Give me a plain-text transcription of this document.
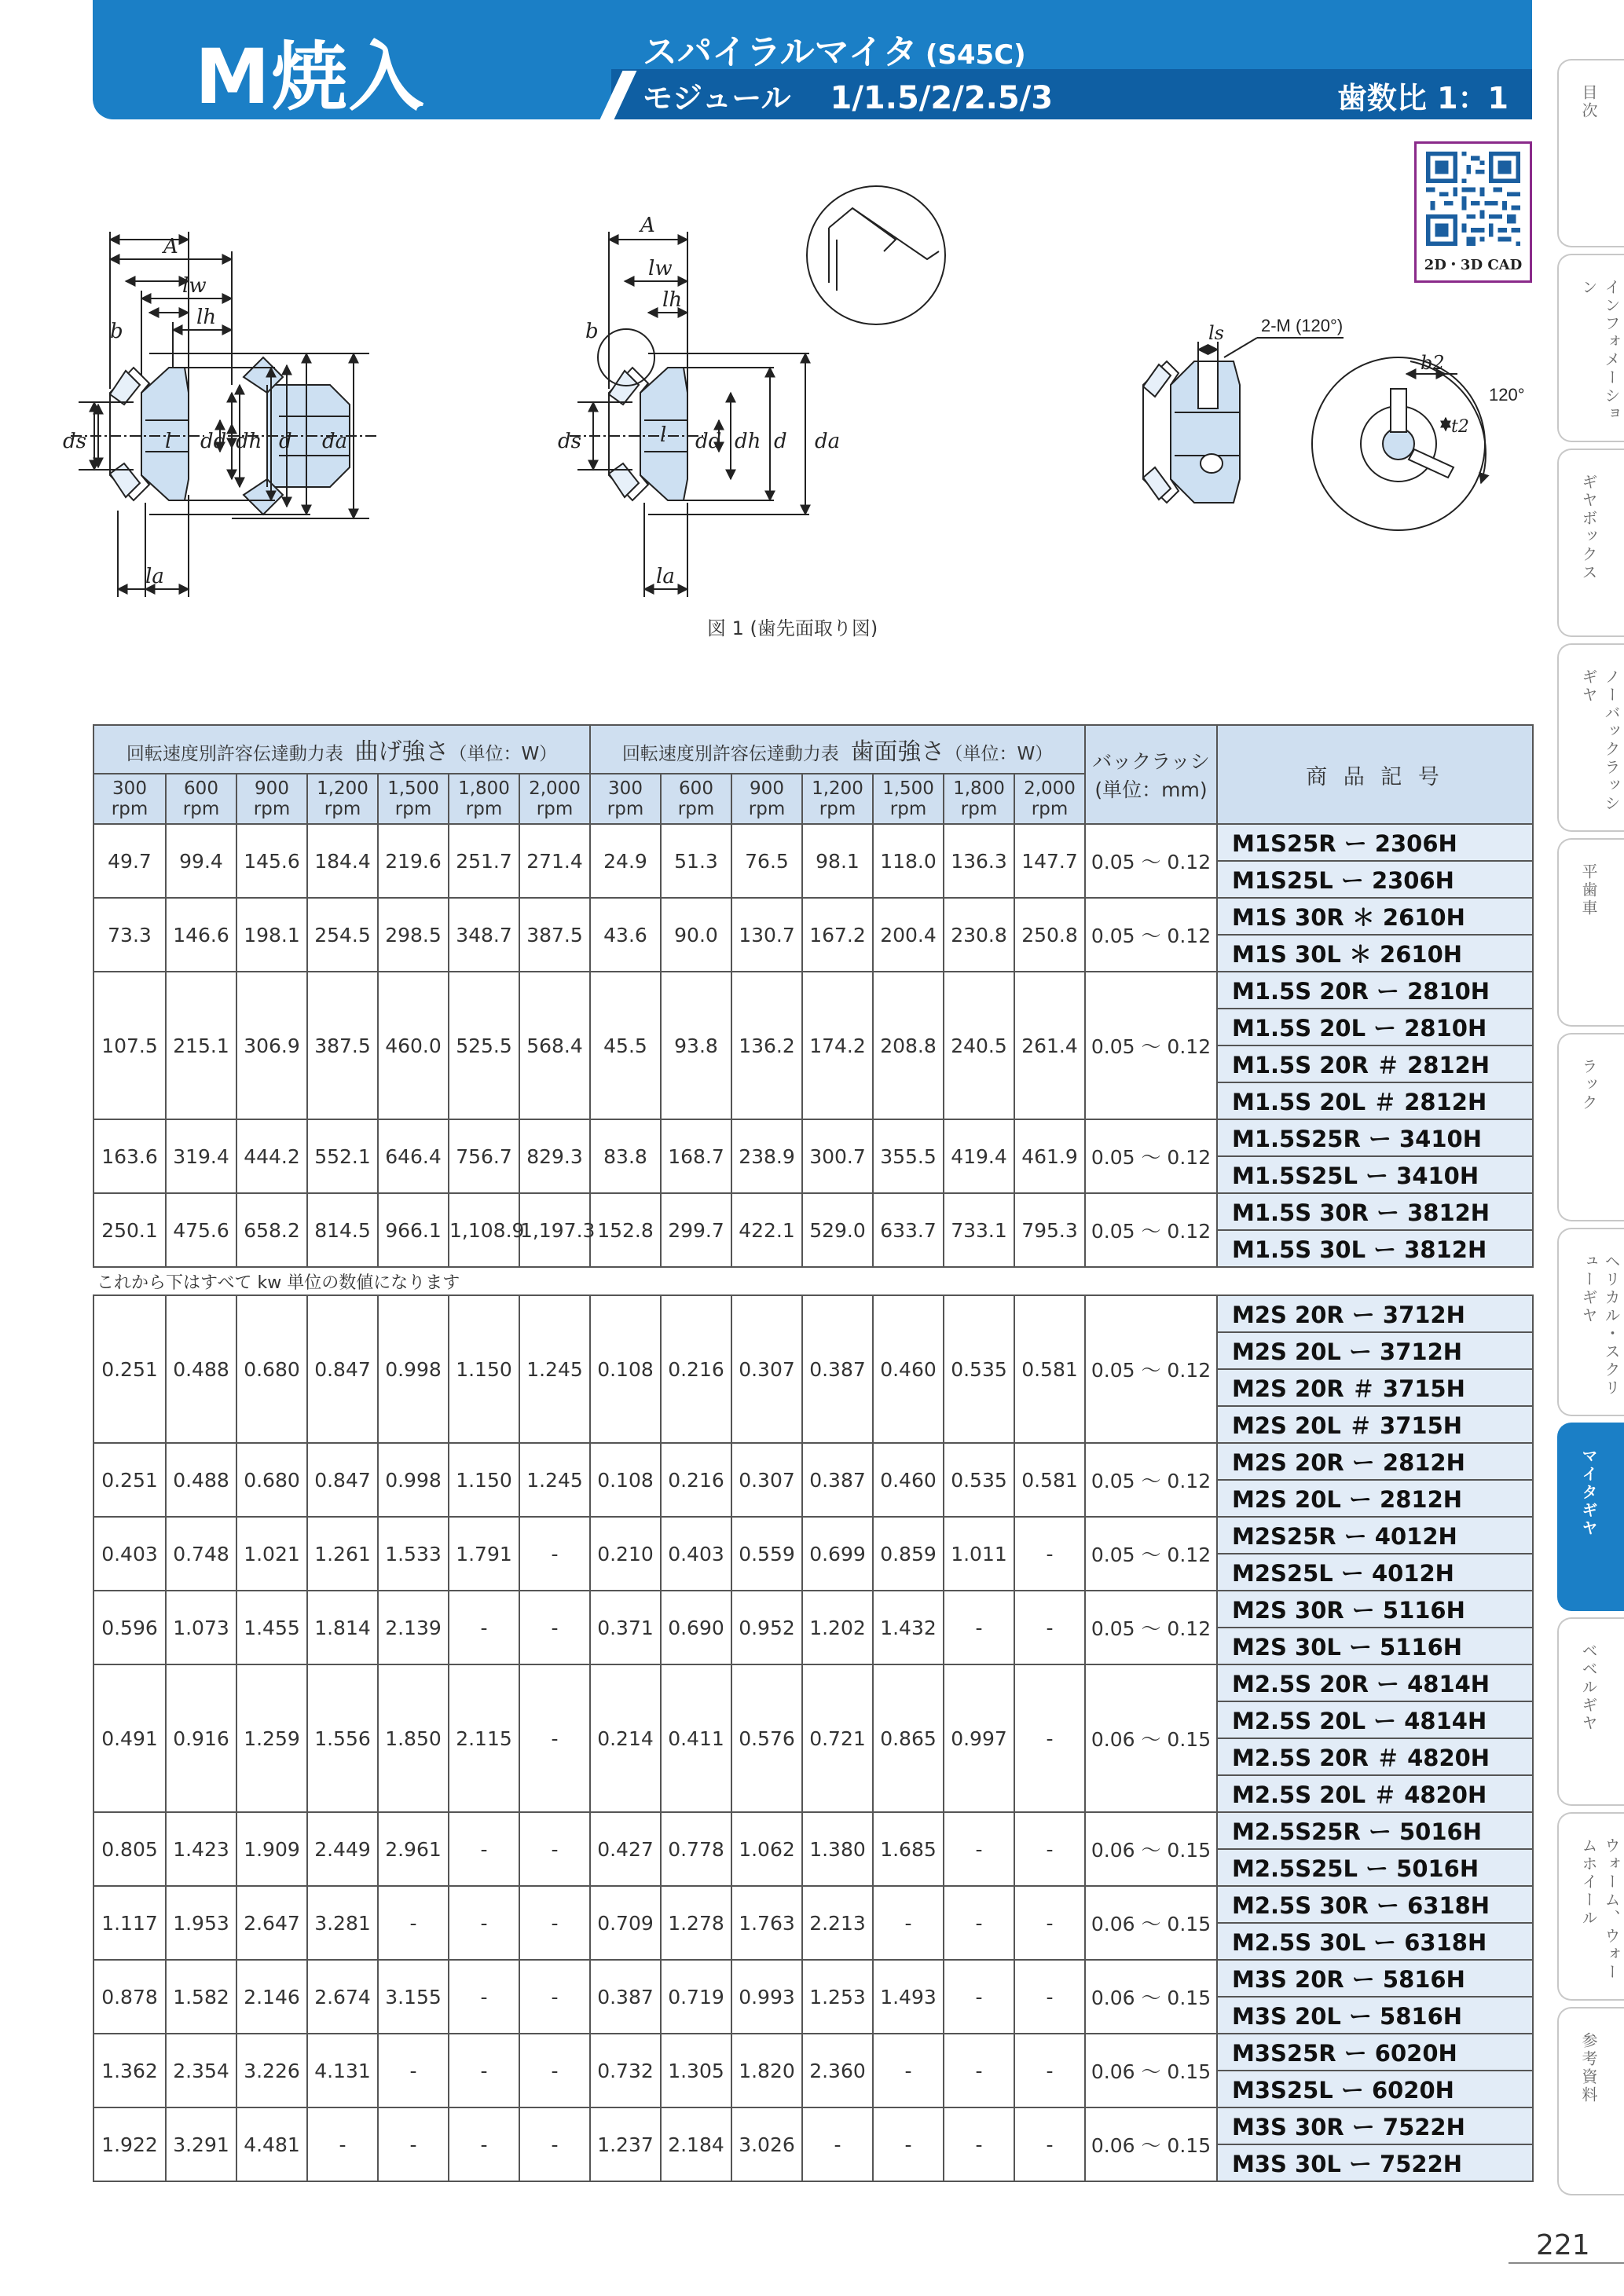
M焼入	スパイラルマイタ (S45C)
モジュール 1/1.5/2/2.5/3	歯数比 1：1	目次
インフォメーション
ギヤボックス
ノーバックラッシギヤ
平歯車
ラック
ヘリカル・スクリューギヤ
マイタギヤ
ベベルギヤ
ウォーム、ウォームホイール
参考資料
2D・3D CAD
A
lw
lh
b
ds	l dd dh d da
la
A
lw
lh
b
ds	l dd dh d da
la
ls 2-M (120°)
b2
t2
120°
図 1 (歯先面取り図)
回転速度別許容伝達動力表 曲げ強さ（単位：W）							回転速度別許容伝達動力表 歯面強さ（単位：W）							バックラッシ
(単位：mm)	商 品 記 号
300
rpm	600
rpm	900
rpm	1,200
rpm	1,500
rpm	1,800
rpm	2,000
rpm	300
rpm	600
rpm	900
rpm	1,200
rpm	1,500
rpm	1,800
rpm	2,000
rpm		
49.7	99.4	145.6	184.4	219.6	251.7	271.4	24.9	51.3	76.5	98.1	118.0	136.3	147.7	0.05 ～ 0.12	M1S25R ー 2306H
															M1S25L ー 2306H
73.3	146.6	198.1	254.5	298.5	348.7	387.5	43.6	90.0	130.7	167.2	200.4	230.8	250.8	0.05 ～ 0.12	M1S 30R ＊ 2610H
															M1S 30L ＊ 2610H
107.5	215.1	306.9	387.5	460.0	525.5	568.4	45.5	93.8	136.2	174.2	208.8	240.5	261.4	0.05 ～ 0.12	M1.5S 20R ー 2810H
															M1.5S 20L ー 2810H
															M1.5S 20R ＃ 2812H
															M1.5S 20L ＃ 2812H
163.6	319.4	444.2	552.1	646.4	756.7	829.3	83.8	168.7	238.9	300.7	355.5	419.4	461.9	0.05 ～ 0.12	M1.5S25R ー 3410H
															M1.5S25L ー 3410H
250.1	475.6	658.2	814.5	966.1	1,108.9	1,197.3	152.8	299.7	422.1	529.0	633.7	733.1	795.3	0.05 ～ 0.12	M1.5S 30R ー 3812H
															M1.5S 30L ー 3812H
これから下はすべて kw 単位の数値になります															
0.251	0.488	0.680	0.847	0.998	1.150	1.245	0.108	0.216	0.307	0.387	0.460	0.535	0.581	0.05 ～ 0.12	M2S 20R ー 3712H
															M2S 20L ー 3712H
															M2S 20R ＃ 3715H
															M2S 20L ＃ 3715H
0.251	0.488	0.680	0.847	0.998	1.150	1.245	0.108	0.216	0.307	0.387	0.460	0.535	0.581	0.05 ～ 0.12	M2S 20R ー 2812H
															M2S 20L ー 2812H
0.403	0.748	1.021	1.261	1.533	1.791	-	0.210	0.403	0.559	0.699	0.859	1.011	-	0.05 ～ 0.12	M2S25R ー 4012H
															M2S25L ー 4012H
0.596	1.073	1.455	1.814	2.139	-	-	0.371	0.690	0.952	1.202	1.432	-	-	0.05 ～ 0.12	M2S 30R ー 5116H
															M2S 30L ー 5116H
0.491	0.916	1.259	1.556	1.850	2.115	-	0.214	0.411	0.576	0.721	0.865	0.997	-	0.06 ～ 0.15	M2.5S 20R ー 4814H
															M2.5S 20L ー 4814H
															M2.5S 20R ＃ 4820H
															M2.5S 20L ＃ 4820H
0.805	1.423	1.909	2.449	2.961	-	-	0.427	0.778	1.062	1.380	1.685	-	-	0.06 ～ 0.15	M2.5S25R ー 5016H
															M2.5S25L ー 5016H
1.117	1.953	2.647	3.281	-	-	-	0.709	1.278	1.763	2.213	-	-	-	0.06 ～ 0.15	M2.5S 30R ー 6318H
															M2.5S 30L ー 6318H
0.878	1.582	2.146	2.674	3.155	-	-	0.387	0.719	0.993	1.253	1.493	-	-	0.06 ～ 0.15	M3S 20R ー 5816H
															M3S 20L ー 5816H
1.362	2.354	3.226	4.131	-	-	-	0.732	1.305	1.820	2.360	-	-	-	0.06 ～ 0.15	M3S25R ー 6020H
															M3S25L ー 6020H
1.922	3.291	4.481	-	-	-	-	1.237	2.184	3.026	-	-	-	-	0.06 ～ 0.15	M3S 30R ー 7522H
															M3S 30L ー 7522H
221
